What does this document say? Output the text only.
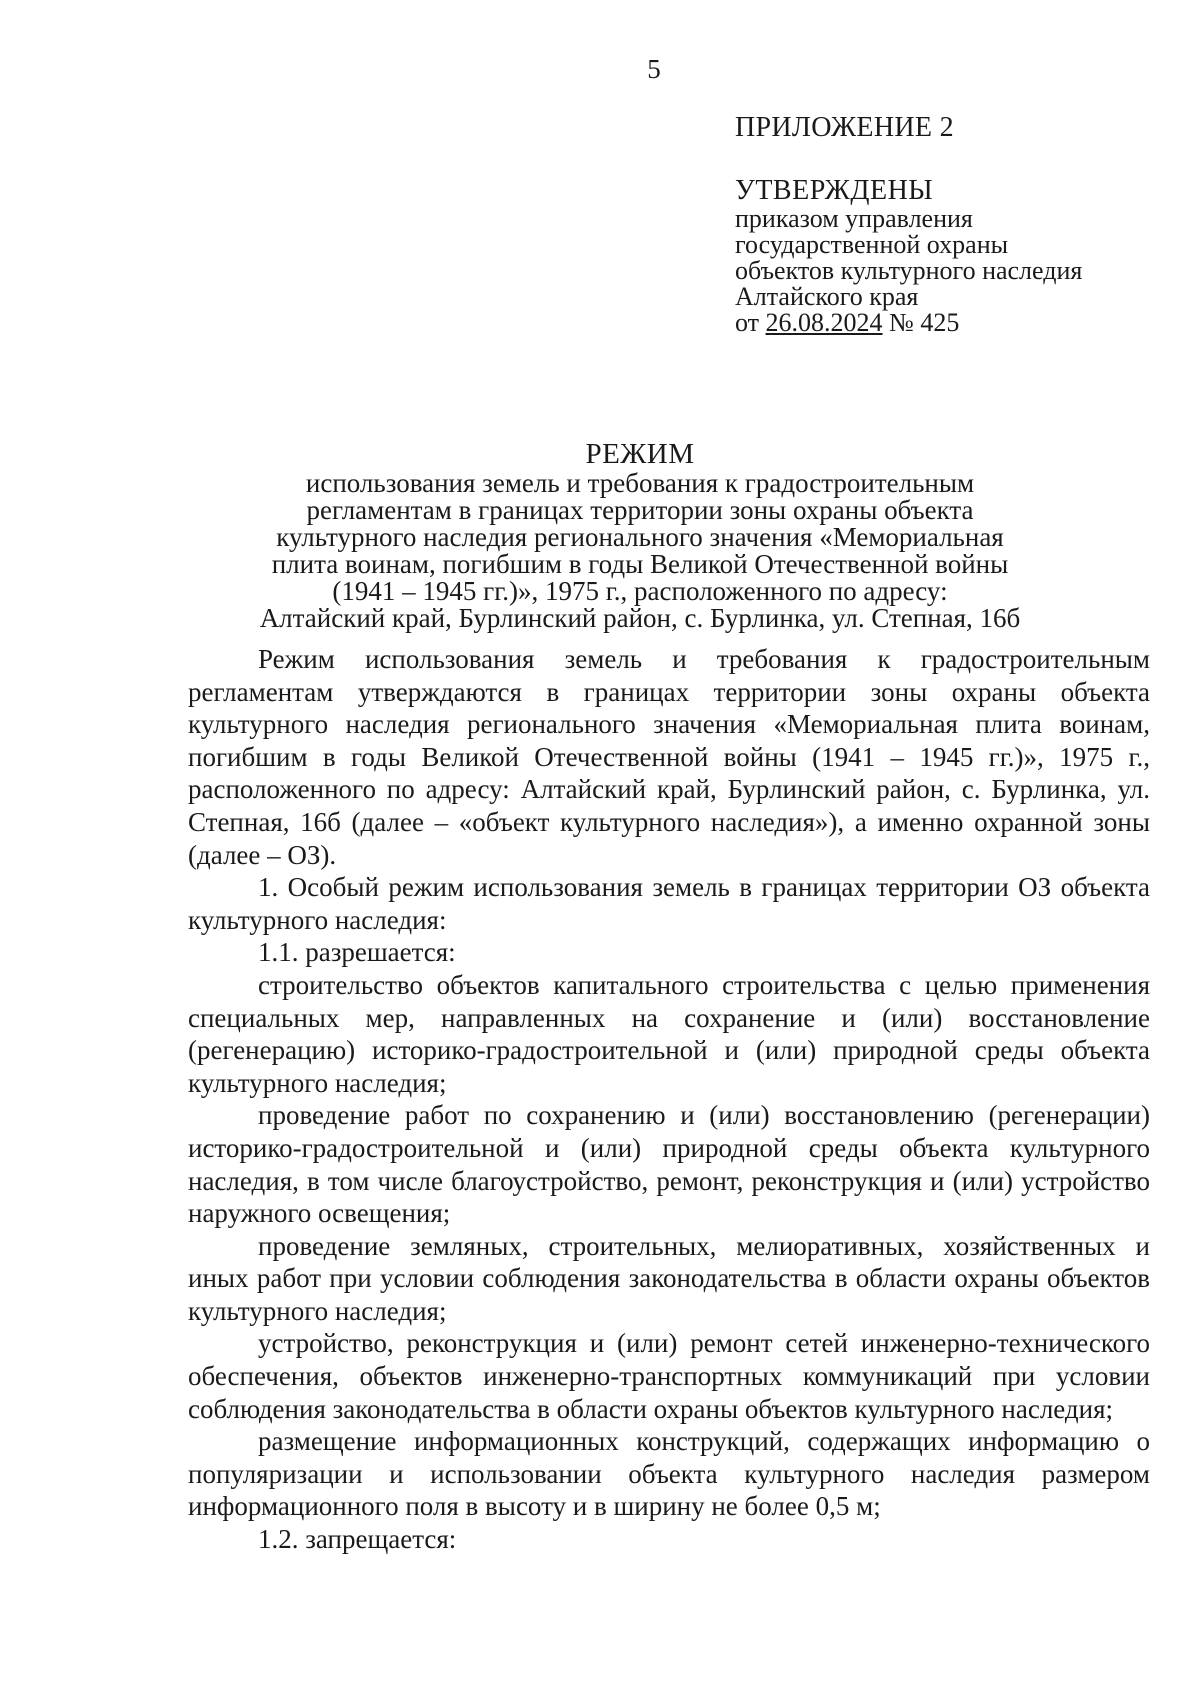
5
ПРИЛОЖЕНИЕ 2
УТВЕРЖДЕНЫ
приказом управления
государственной охраны
объектов культурного наследия
Алтайского края
от 26.08.2024 № 425
РЕЖИМ
использования земель и требования к градостроительным
регламентам в границах территории зоны охраны объекта
культурного наследия регионального значения «Мемориальная
плита воинам, погибшим в годы Великой Отечественной войны
(1941 – 1945 гг.)», 1975 г., расположенного по адресу:
Алтайский край, Бурлинский район, с. Бурлинка, ул. Степная, 16б

Режим использования земель и требования к градостроительным регламентам утверждаются в границах территории зоны охраны объекта культурного наследия регионального значения «Мемориальная плита воинам, погибшим в годы Великой Отечественной войны (1941 – 1945 гг.)», 1975 г., расположенного по адресу: Алтайский край, Бурлинский район, с. Бурлинка, ул. Степная, 16б (далее – «объект культурного наследия»), а именно охранной зоны (далее – ОЗ).

1. Особый режим использования земель в границах территории ОЗ объекта культурного наследия:

1.1. разрешается:

строительство объектов капитального строительства с целью применения специальных мер, направленных на сохранение и (или) восстановление (регенерацию) историко-градостроительной и (или) природной среды объекта культурного наследия;

проведение работ по сохранению и (или) восстановлению (регенерации) историко-градостроительной и (или) природной среды объекта культурного наследия, в том числе благоустройство, ремонт, реконструкция и (или) устройство наружного освещения;

проведение земляных, строительных, мелиоративных, хозяйственных и иных работ при условии соблюдения законодательства в области охраны объектов культурного наследия;

устройство, реконструкция и (или) ремонт сетей инженерно-технического обеспечения, объектов инженерно-транспортных коммуникаций при условии соблюдения законодательства в области охраны объектов культурного наследия;

размещение информационных конструкций, содержащих информацию о популяризации и использовании объекта культурного наследия размером информационного поля в высоту и в ширину не более 0,5 м;

1.2. запрещается:
